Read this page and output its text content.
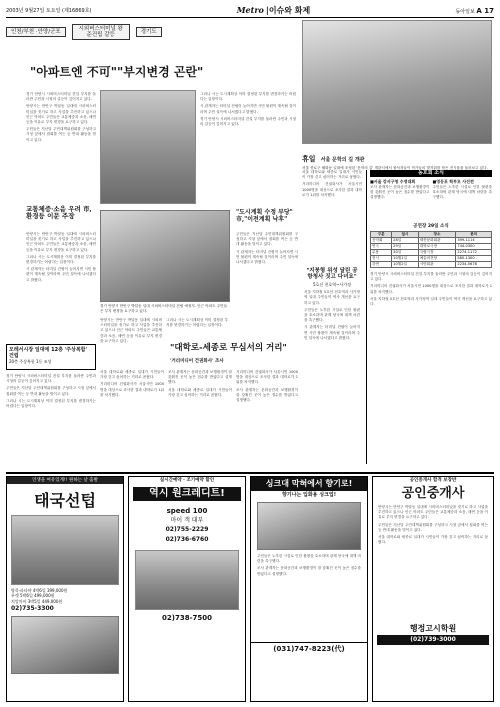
2003년 9월27일 토요일 (제16869호)	Metro |이슈와 화제	동아일보 A 17
인천/부천 ·안양/군포	시외버스터미널 왕준건립 갈등	경기도
"아파트엔 不可""부지변경 곤란"

경기 안양시 시외버스터미널 건설 부지를 둘러싼 주민과 시청의 갈등이 깊어지고 있다.

안양시는 만안구 박달동 일대에 시외버스터미널을 짓기로 하고 사업을 추진하고 있으나 인근 아파트 주민들은 교통체증과 소음, 매연 등을 이유로 부지 변경을 요구하고 있다.

주민들은 지난달 주민대책위원회를 구성하고 시청 앞에서 집회를 여는 등 반대 활동을 벌이고 있다.

그러나 시는 도시계획상 이미 결정된 부지를 변경하기는 어렵다는 입장이다.

시 관계자는 터미널 건립이 늦어지면 시민 불편이 계속될 것이라며 주민 설득에 나서겠다고 밝혔다.

경기 안양시 시외버스터미널 건설 부지를 둘러싼 주민과 시청의 갈등이 깊어지고 있다.

교통체증·소음 우려 市,환경등 이문 주장

안양시는 만안구 박달동 일대에 시외버스터미널을 짓기로 하고 사업을 추진하고 있으나 인근 아파트 주민들은 교통체증과 소음, 매연 등을 이유로 부지 변경을 요구하고 있다.

그러나 시는 도시계획상 이미 결정된 부지를 변경하기는 어렵다는 입장이다.

시 관계자는 터미널 건립이 늦어지면 시민 불편이 계속될 것이라며 주민 설득에 나서겠다고 밝혔다.

경기 안양시 만안구 박달동 일대 시외버스터미널 건립 예정지. 인근 아파트 주민들은 부지 변경을 요구하고 있다.
"도시계획 수정 부당" 市,"이전계획 낙후"

주민들은 지난달 주민대책위원회를 구성하고 시청 앞에서 집회를 여는 등 반대 활동을 벌이고 있다.

시 관계자는 터미널 건립이 늦어지면 시민 불편이 계속될 것이라며 주민 설득에 나서겠다고 밝혔다.

안양시는 만안구 박달동 일대에 시외버스터미널을 짓기로 하고 사업을 추진하고 있으나 인근 아파트 주민들은 교통체증과 소음, 매연 등을 이유로 부지 변경을 요구하고 있다.

그러나 시는 도시계획상 이미 결정된 부지를 변경하기는 어렵다는 입장이다.

휴일 서울 문학의 길 개관
서울 종로구 혜화동 일대에 조성된 '문학의 길' 개관식에서 참석자들이 작가들의 발자취를 담은 전시물을 둘러보고 있다.
"대학로-세종로 무심서의 거리"
'거리미디어 건권화사' 조사

서울 대학로와 세종로 일대가 시민들이 가장 걷고 싶어하는 거리로 꼽혔다.

거리미디어 건권화사가 서울시민 1000명을 대상으로 조사한 결과 대학로가 1위를 차지했다.

조사 관계자는 문화공간과 보행환경이 잘 갖춰진 곳이 높은 점수를 받았다고 설명했다.

서울 대학로와 세종로 일대가 시민들이 가장 걷고 싶어하는 거리로 꼽혔다.

거리미디어 건권화사가 서울시민 1000명을 대상으로 조사한 결과 대학로가 1위를 차지했다.

조사 관계자는 문화공간과 보행환경이 잘 갖춰진 곳이 높은 점수를 받았다고 설명했다.

모레서시장 일대에 12층 '주상복합' 건립
20층 주상복합 1동 조성

경기 안양시 시외버스터미널 건설 부지를 둘러싼 주민과 시청의 갈등이 깊어지고 있다.

주민들은 지난달 주민대책위원회를 구성하고 시청 앞에서 집회를 여는 등 반대 활동을 벌이고 있다.

그러나 시는 도시계획상 이미 결정된 부지를 변경하기는 어렵다는 입장이다.

"지붕형 위성 달린 공항청사 짓고 다녀요"
5호선 천호역~사가정

서울 지하철 5호선 천호역과 사가정역 일대 주민들이 역사 개선을 요구하고 있다.

주민들은 노후한 시설로 인한 불편을 호소하며 관계 당국에 대책 마련을 촉구했다.

시 관계자는 터미널 건립이 늦어지면 시민 불편이 계속될 것이라며 주민 설득에 나서겠다고 밝혔다.

서울 대학로와 세종로 일대가 시민들이 가장 걷고 싶어하는 거리로 꼽혔다.

거리미디어 건권화사가 서울시민 1000명을 대상으로 조사한 결과 대학로가 1위를 차지했다.

동호회 소식
■서울 강서구청 수영대회

조사 관계자는 문화공간과 보행환경이 잘 갖춰진 곳이 높은 점수를 받았다고 설명했다.

■영등포 학부모 사진전

주민들은 노후한 시설로 인한 불편을 호소하며 관계 당국에 대책 마련을 촉구했다.

공연장 29일 소식
구분	일시	장소	문의
음악회	28일	세종문화회관	399-1114
연극	29일	대학로극장	744-0300
무용	30일	국립극장	2274-1172
전시	10월1일	예술의전당	580-1300
강연	10월2일	시민회관	2234-5678

경기 안양시 시외버스터미널 건설 부지를 둘러싼 주민과 시청의 갈등이 깊어지고 있다.

거리미디어 건권화사가 서울시민 1000명을 대상으로 조사한 결과 대학로가 1위를 차지했다.

서울 지하철 5호선 천호역과 사가정역 일대 주민들이 역사 개선을 요구하고 있다.

인생을 여유있게!! 원하는 날 출발
태국선텁
방콕·파타야 4박6일 399,000원
푸켓 5박6일 499,000원
치앙마이 3박5일 449,000원
02)735-3300
실시간예약 · 조기예약 할인
역시 원크레디트!
speed 100
마이 객 대부
02)755-2229
02)736-6760
02)738-7500
싱크대 막혀에서 향기로!
향기나는 입화용 싱크업!

주민들은 노후한 시설로 인한 불편을 호소하며 관계 당국에 대책 마련을 촉구했다.

조사 관계자는 문화공간과 보행환경이 잘 갖춰진 곳이 높은 점수를 받았다고 설명했다.

(031)747-8223(代)
공인중개사 합격 보장반
공인중개사

안양시는 만안구 박달동 일대에 시외버스터미널을 짓기로 하고 사업을 추진하고 있으나 인근 아파트 주민들은 교통체증과 소음, 매연 등을 이유로 부지 변경을 요구하고 있다.

주민들은 지난달 주민대책위원회를 구성하고 시청 앞에서 집회를 여는 등 반대 활동을 벌이고 있다.

서울 대학로와 세종로 일대가 시민들이 가장 걷고 싶어하는 거리로 꼽혔다.

행정고시학원
(02)739-3000
